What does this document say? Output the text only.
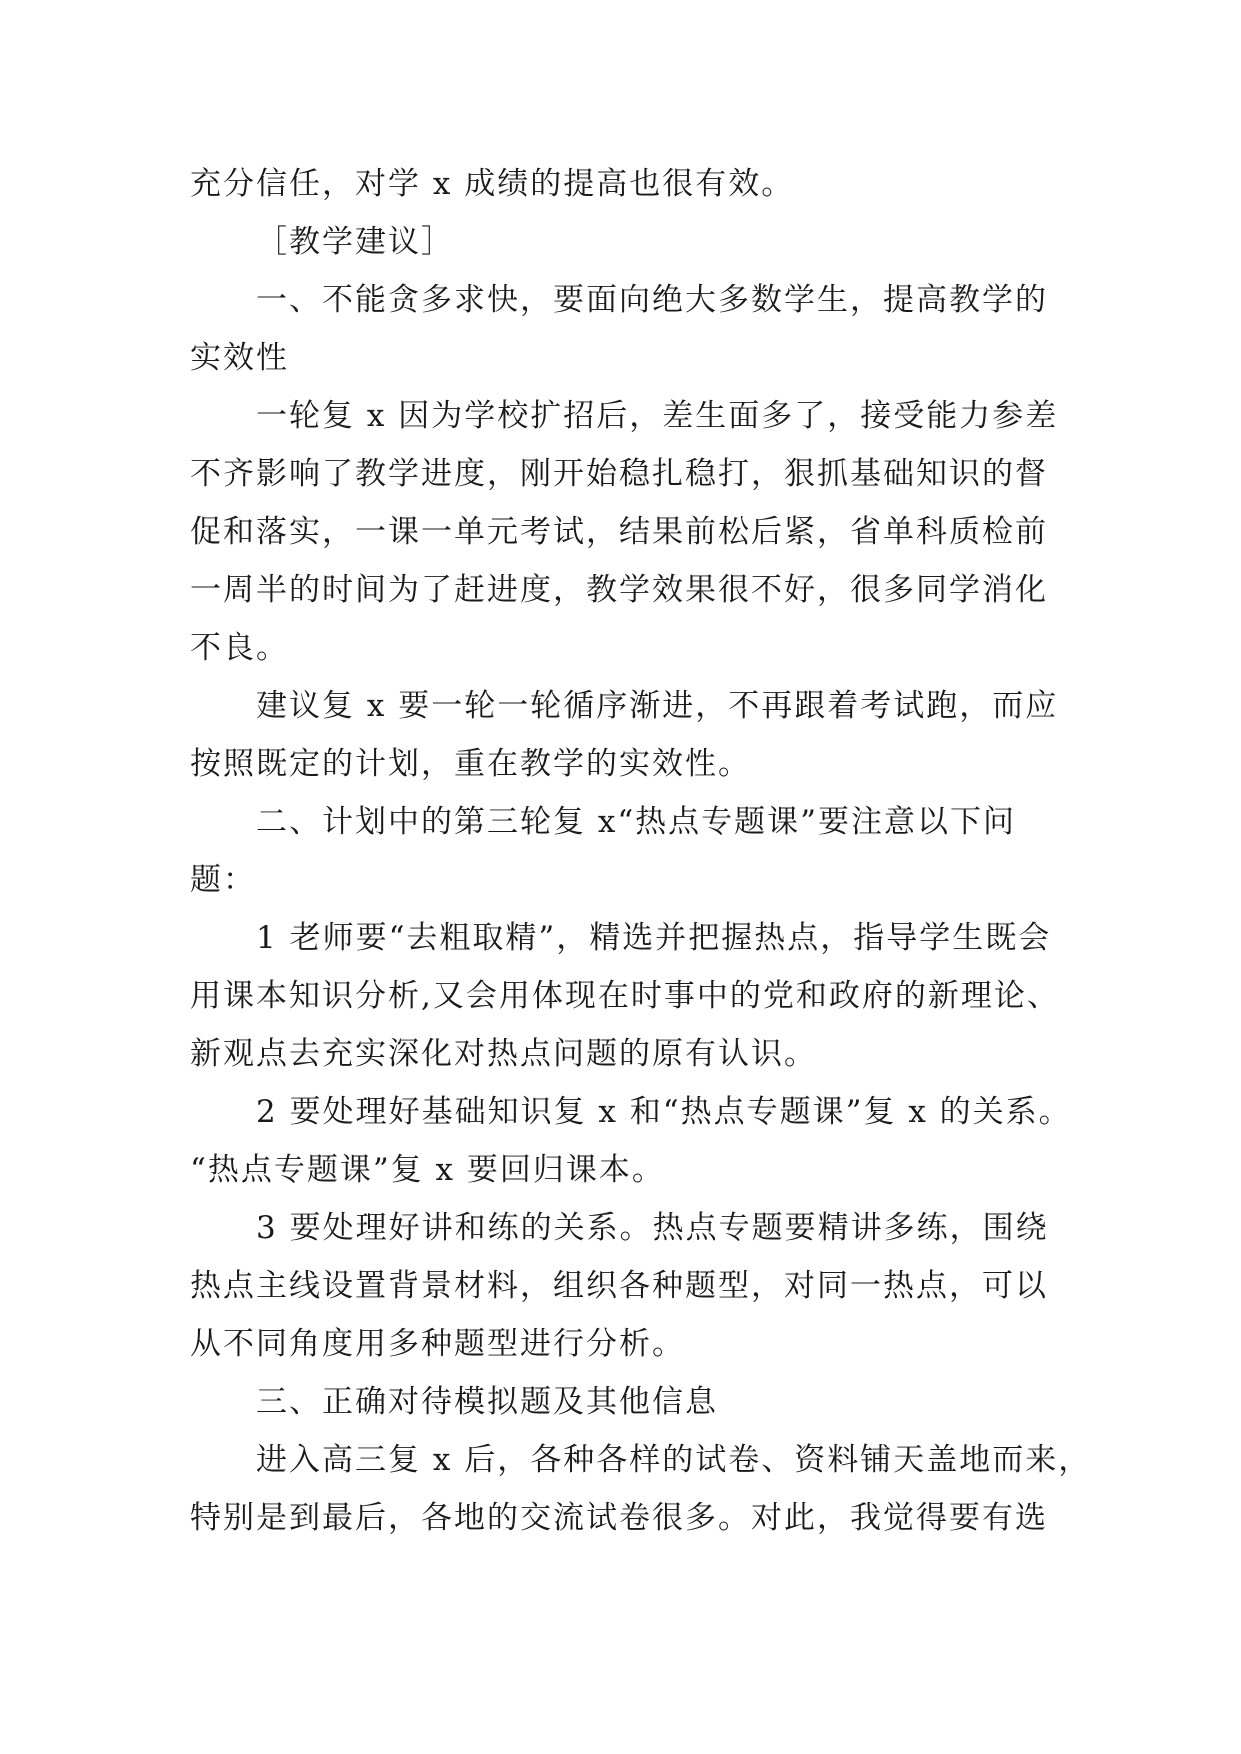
充分信任，对学 x 成绩的提高也很有效。
［教学建议］
一、不能贪多求快，要面向绝大多数学生，提高教学的
实效性
一轮复 x 因为学校扩招后，差生面多了，接受能力参差
不齐影响了教学进度，刚开始稳扎稳打，狠抓基础知识的督
促和落实，一课一单元考试，结果前松后紧，省单科质检前
一周半的时间为了赶进度，教学效果很不好，很多同学消化
不良。
建议复 x 要一轮一轮循序渐进，不再跟着考试跑，而应
按照既定的计划，重在教学的实效性。
二、计划中的第三轮复 x“热点专题课”要注意以下问
题：
1 老师要“去粗取精”，精选并把握热点，指导学生既会
用课本知识分析,又会用体现在时事中的党和政府的新理论、
新观点去充实深化对热点问题的原有认识。
2 要处理好基础知识复 x 和“热点专题课”复 x 的关系。
“热点专题课”复 x 要回归课本。
3 要处理好讲和练的关系。热点专题要精讲多练，围绕
热点主线设置背景材料，组织各种题型，对同一热点，可以
从不同角度用多种题型进行分析。
三、正确对待模拟题及其他信息
进入高三复 x 后，各种各样的试卷、资料铺天盖地而来，
特别是到最后，各地的交流试卷很多。对此，我觉得要有选
